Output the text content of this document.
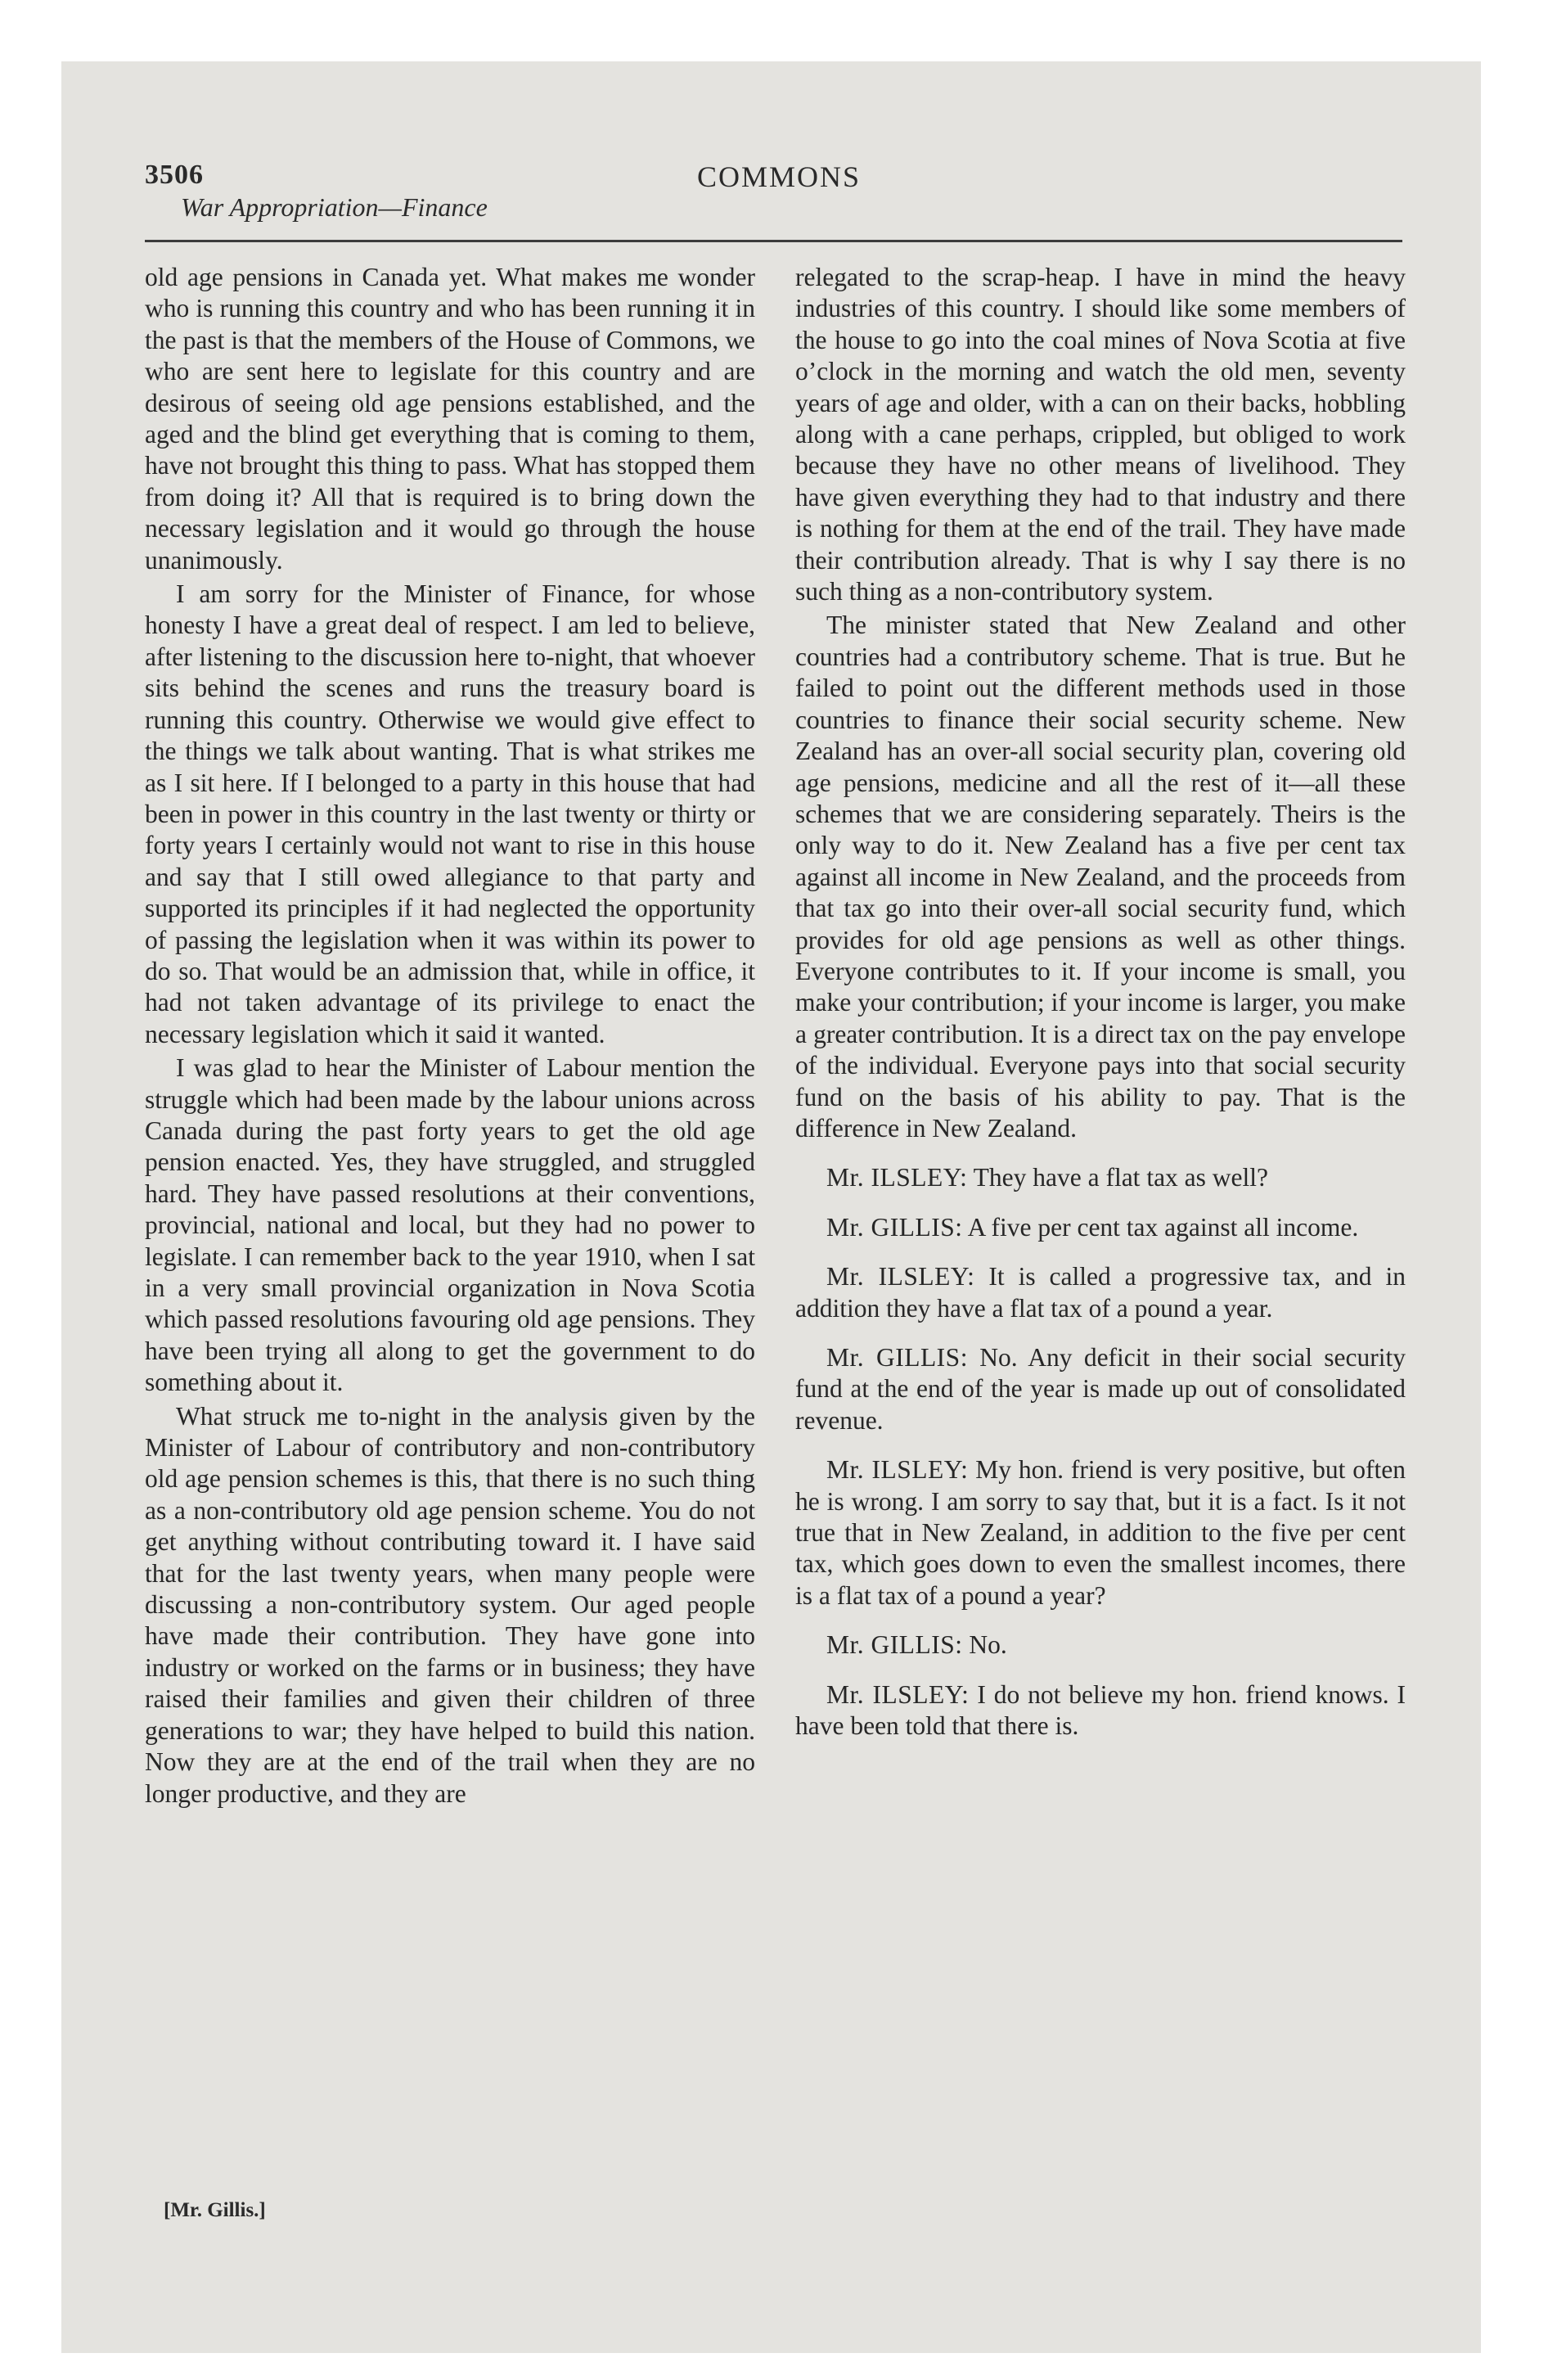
3506
War Appropriation—Finance
COMMONS

old age pensions in Canada yet. What makes me wonder who is running this country and who has been running it in the past is that the members of the House of Commons, we who are sent here to legislate for this country and are desirous of seeing old age pensions established, and the aged and the blind get everything that is coming to them, have not brought this thing to pass. What has stopped them from doing it? All that is required is to bring down the necessary legislation and it would go through the house unanimously.

I am sorry for the Minister of Finance, for whose honesty I have a great deal of respect. I am led to believe, after listening to the discussion here to-night, that whoever sits behind the scenes and runs the treasury board is running this country. Otherwise we would give effect to the things we talk about wanting. That is what strikes me as I sit here. If I belonged to a party in this house that had been in power in this country in the last twenty or thirty or forty years I certainly would not want to rise in this house and say that I still owed allegiance to that party and supported its principles if it had neglected the opportunity of passing the legislation when it was within its power to do so. That would be an admission that, while in office, it had not taken advantage of its privilege to enact the necessary legislation which it said it wanted.

I was glad to hear the Minister of Labour mention the struggle which had been made by the labour unions across Canada during the past forty years to get the old age pension enacted. Yes, they have struggled, and struggled hard. They have passed resolutions at their conventions, provincial, national and local, but they had no power to legislate. I can remember back to the year 1910, when I sat in a very small provincial organization in Nova Scotia which passed resolutions favouring old age pensions. They have been trying all along to get the government to do something about it.

What struck me to-night in the analysis given by the Minister of Labour of contributory and non-contributory old age pension schemes is this, that there is no such thing as a non-contributory old age pension scheme. You do not get anything without contributing toward it. I have said that for the last twenty years, when many people were discussing a non-contributory system. Our aged people have made their contribution. They have gone into industry or worked on the farms or in business; they have raised their families and given their children of three generations to war; they have helped to build this nation. Now they are at the end of the trail when they are no longer productive, and they are

relegated to the scrap-heap. I have in mind the heavy industries of this country. I should like some members of the house to go into the coal mines of Nova Scotia at five o’clock in the morning and watch the old men, seventy years of age and older, with a can on their backs, hobbling along with a cane perhaps, crippled, but obliged to work because they have no other means of livelihood. They have given everything they had to that industry and there is nothing for them at the end of the trail. They have made their contribution already. That is why I say there is no such thing as a non-contributory system.

The minister stated that New Zealand and other countries had a contributory scheme. That is true. But he failed to point out the different methods used in those countries to finance their social security scheme. New Zealand has an over-all social security plan, covering old age pensions, medicine and all the rest of it—all these schemes that we are considering separately. Theirs is the only way to do it. New Zealand has a five per cent tax against all income in New Zealand, and the proceeds from that tax go into their over-all social security fund, which provides for old age pensions as well as other things. Everyone contributes to it. If your income is small, you make your contribution; if your income is larger, you make a greater contribution. It is a direct tax on the pay envelope of the individual. Everyone pays into that social security fund on the basis of his ability to pay. That is the difference in New Zealand.

Mr. ILSLEY: They have a flat tax as well?

Mr. GILLIS: A five per cent tax against all income.

Mr. ILSLEY: It is called a progressive tax, and in addition they have a flat tax of a pound a year.

Mr. GILLIS: No. Any deficit in their social security fund at the end of the year is made up out of consolidated revenue.

Mr. ILSLEY: My hon. friend is very positive, but often he is wrong. I am sorry to say that, but it is a fact. Is it not true that in New Zealand, in addition to the five per cent tax, which goes down to even the smallest incomes, there is a flat tax of a pound a year?

Mr. GILLIS: No.

Mr. ILSLEY: I do not believe my hon. friend knows. I have been told that there is.

[Mr. Gillis.]
